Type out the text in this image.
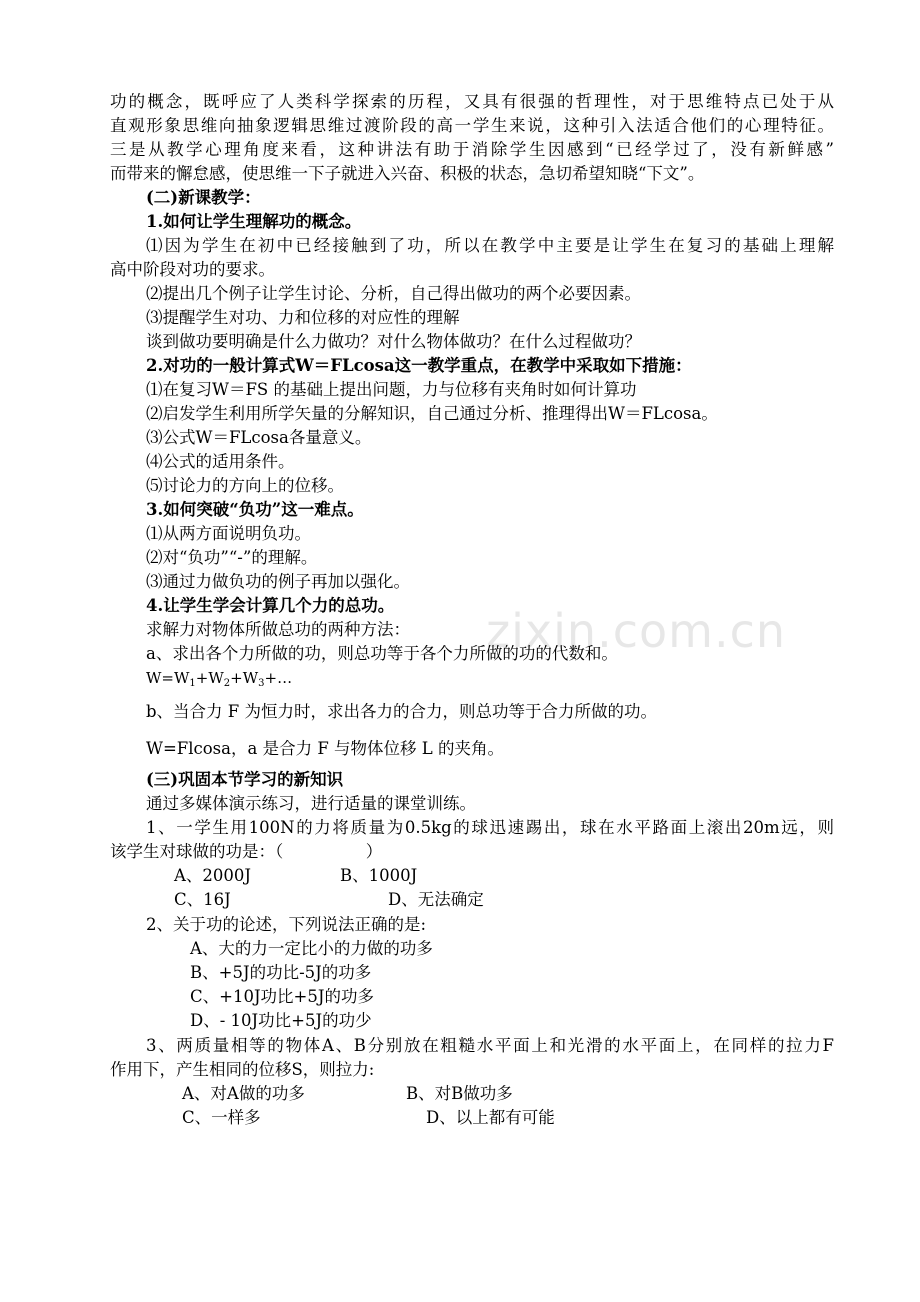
zixin.com.cn
功的概念，既呼应了人类科学探索的历程，又具有很强的哲理性，对于思维特点已处于从
直观形象思维向抽象逻辑思维过渡阶段的高一学生来说，这种引入法适合他们的心理特征。
三是从教学心理角度来看，这种讲法有助于消除学生因感到“已经学过了，没有新鲜感”
而带来的懈怠感，使思维一下子就进入兴奋、积极的状态，急切希望知晓“下文”。
(二)新课教学：
1.如何让学生理解功的概念。
⑴因为学生在初中已经接触到了功，所以在教学中主要是让学生在复习的基础上理解
高中阶段对功的要求。
⑵提出几个例子让学生讨论、分析，自己得出做功的两个必要因素。
⑶提醒学生对功、力和位移的对应性的理解
谈到做功要明确是什么力做功？对什么物体做功？在什么过程做功？
2.对功的一般计算式W＝FLcosa这一教学重点，在教学中采取如下措施：
⑴在复习W＝FS 的基础上提出问题，力与位移有夹角时如何计算功
⑵启发学生利用所学矢量的分解知识，自己通过分析、推理得出W＝FLcosa。
⑶公式W＝FLcosa各量意义。
⑷公式的适用条件。
⑸讨论力的方向上的位移。
3.如何突破“负功”这一难点。
⑴从两方面说明负功。
⑵对“负功”“-”的理解。
⑶通过力做负功的例子再加以强化。
4.让学生学会计算几个力的总功。
求解力对物体所做总功的两种方法：
a、求出各个力所做的功，则总功等于各个力所做的功的代数和。
$W=W_1+W_2+W_3+\dots$
b、当合力 F 为恒力时，求出各力的合力，则总功等于合力所做的功。
W=Flcosa，a 是合力 F 与物体位移 L 的夹角。
(三)巩固本节学习的新知识
通过多媒体演示练习，进行适量的课堂训练。
1、一学生用100N的力将质量为0.5kg的球迅速踢出，球在水平路面上滚出20m远，则
该学生对球做的功是：（　　　　　）
A、2000J	B、1000J
C、16J	D、无法确定
2、关于功的论述，下列说法正确的是:
A、大的力一定比小的力做的功多
B、+5J的功比-5J的功多
C、+10J功比+5J的功多
D、- 10J功比+5J的功少
3、两质量相等的物体A、B分别放在粗糙水平面上和光滑的水平面上，在同样的拉力F
作用下，产生相同的位移S，则拉力:
A、对A做的功多	B、对B做功多
C、一样多	D、以上都有可能
